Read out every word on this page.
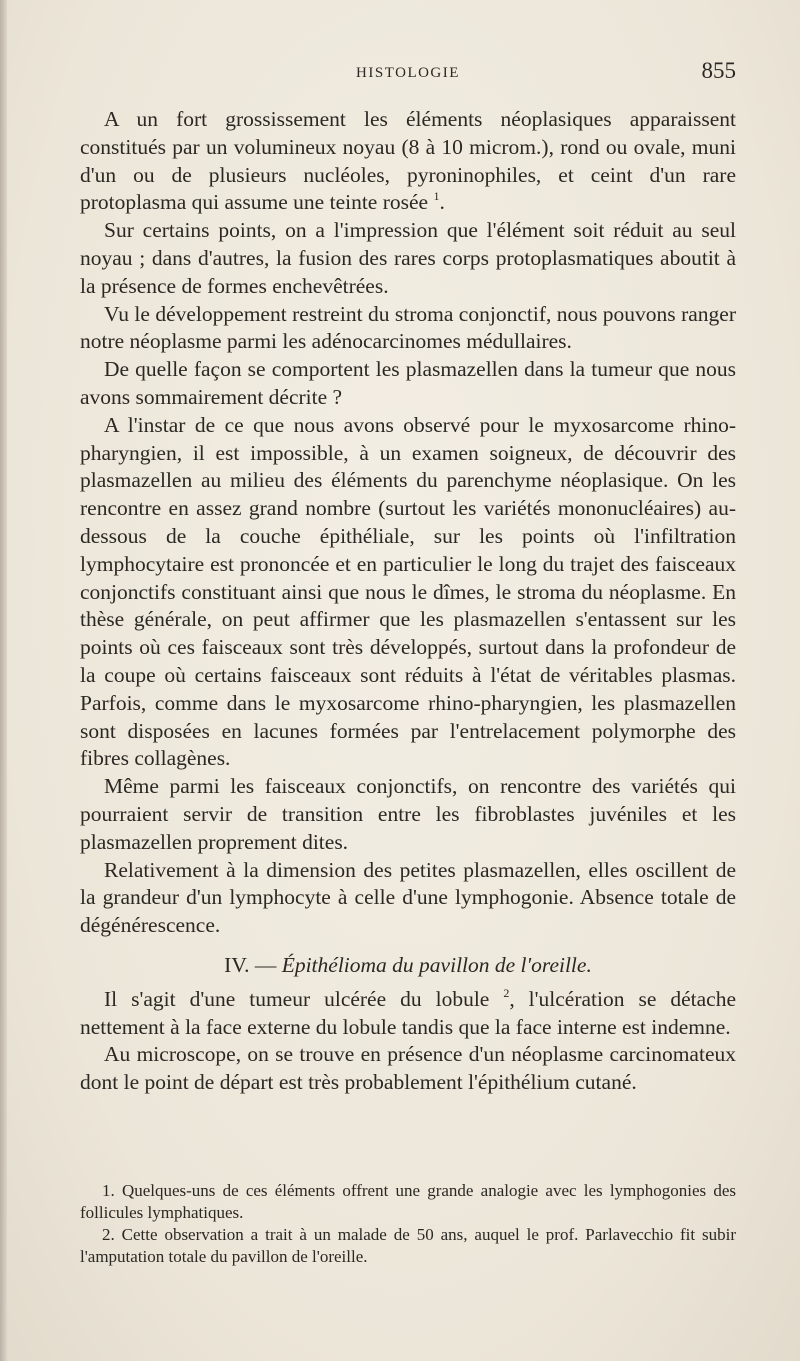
HISTOLOGIE	855

A un fort grossissement les éléments néoplasiques apparaissent constitués par un volumineux noyau (8 à 10 microm.), rond ou ovale, muni d'un ou de plusieurs nucléoles, pyroninophiles, et ceint d'un rare protoplasma qui assume une teinte rosée $^1$.

Sur certains points, on a l'impression que l'élément soit réduit au seul noyau ; dans d'autres, la fusion des rares corps protoplasmatiques aboutit à la présence de formes enchevêtrées.

Vu le développement restreint du stroma conjonctif, nous pouvons ranger notre néoplasme parmi les adénocarcinomes médullaires.

De quelle façon se comportent les plasmazellen dans la tumeur que nous avons sommairement décrite ?

A l'instar de ce que nous avons observé pour le myxosarcome rhino-pharyngien, il est impossible, à un examen soigneux, de découvrir des plasmazellen au milieu des éléments du parenchyme néoplasique. On les rencontre en assez grand nombre (surtout les variétés mononucléaires) au-dessous de la couche épithéliale, sur les points où l'infiltration lymphocytaire est prononcée et en particulier le long du trajet des faisceaux conjonctifs constituant ainsi que nous le dîmes, le stroma du néoplasme. En thèse générale, on peut affirmer que les plasmazellen s'entassent sur les points où ces faisceaux sont très développés, surtout dans la profondeur de la coupe où certains faisceaux sont réduits à l'état de véritables plasmas. Parfois, comme dans le myxosarcome rhino-pharyngien, les plasmazellen sont disposées en lacunes formées par l'entrelacement polymorphe des fibres collagènes.

Même parmi les faisceaux conjonctifs, on rencontre des variétés qui pourraient servir de transition entre les fibroblastes juvéniles et les plasmazellen proprement dites.

Relativement à la dimension des petites plasmazellen, elles oscillent de la grandeur d'un lymphocyte à celle d'une lymphogonie. Absence totale de dégénérescence.

IV. — Épithélioma du pavillon de l'oreille.

Il s'agit d'une tumeur ulcérée du lobule $^2$, l'ulcération se détache nettement à la face externe du lobule tandis que la face interne est indemne.

Au microscope, on se trouve en présence d'un néoplasme carcinomateux dont le point de départ est très probablement l'épithélium cutané.

1. Quelques-uns de ces éléments offrent une grande analogie avec les lymphogonies des follicules lymphatiques.

2. Cette observation a trait à un malade de 50 ans, auquel le prof. Parlavecchio fit subir l'amputation totale du pavillon de l'oreille.
